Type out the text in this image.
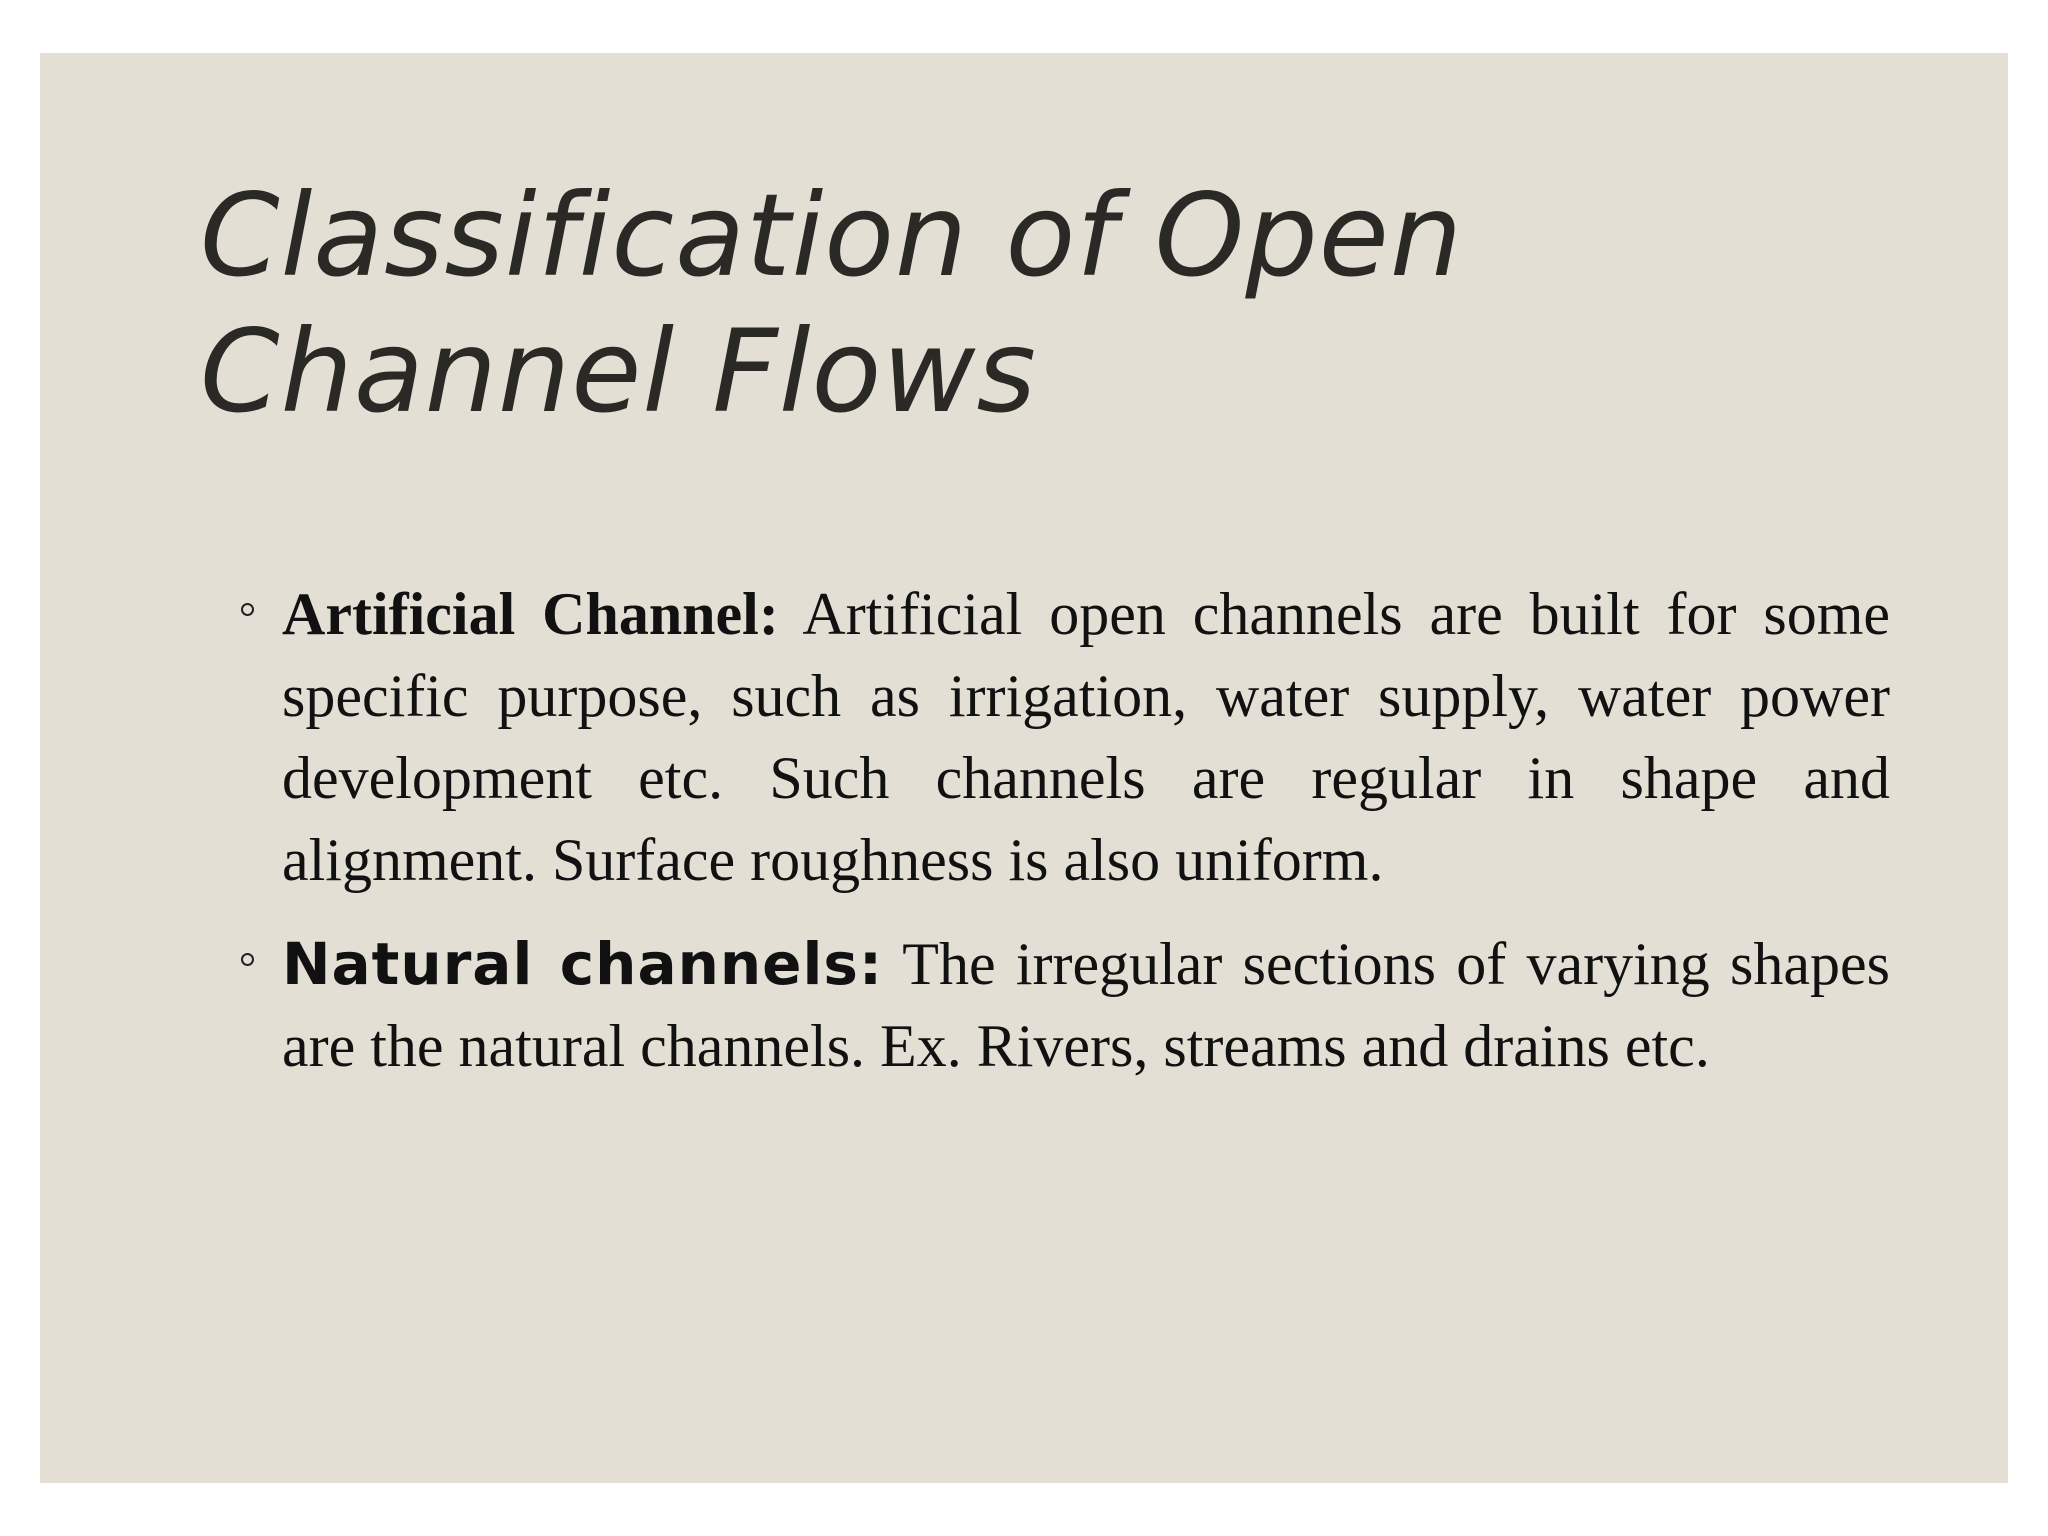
Classification of Open
Channel Flows
Artificial Channel: Artificial open channels are built for some specific purpose, such as irrigation, water supply, water power development etc. Such channels are regular in shape and alignment. Surface roughness is also uniform.
Natural channels: The irregular sections of varying shapes are the natural channels. Ex. Rivers, streams and drains etc.
